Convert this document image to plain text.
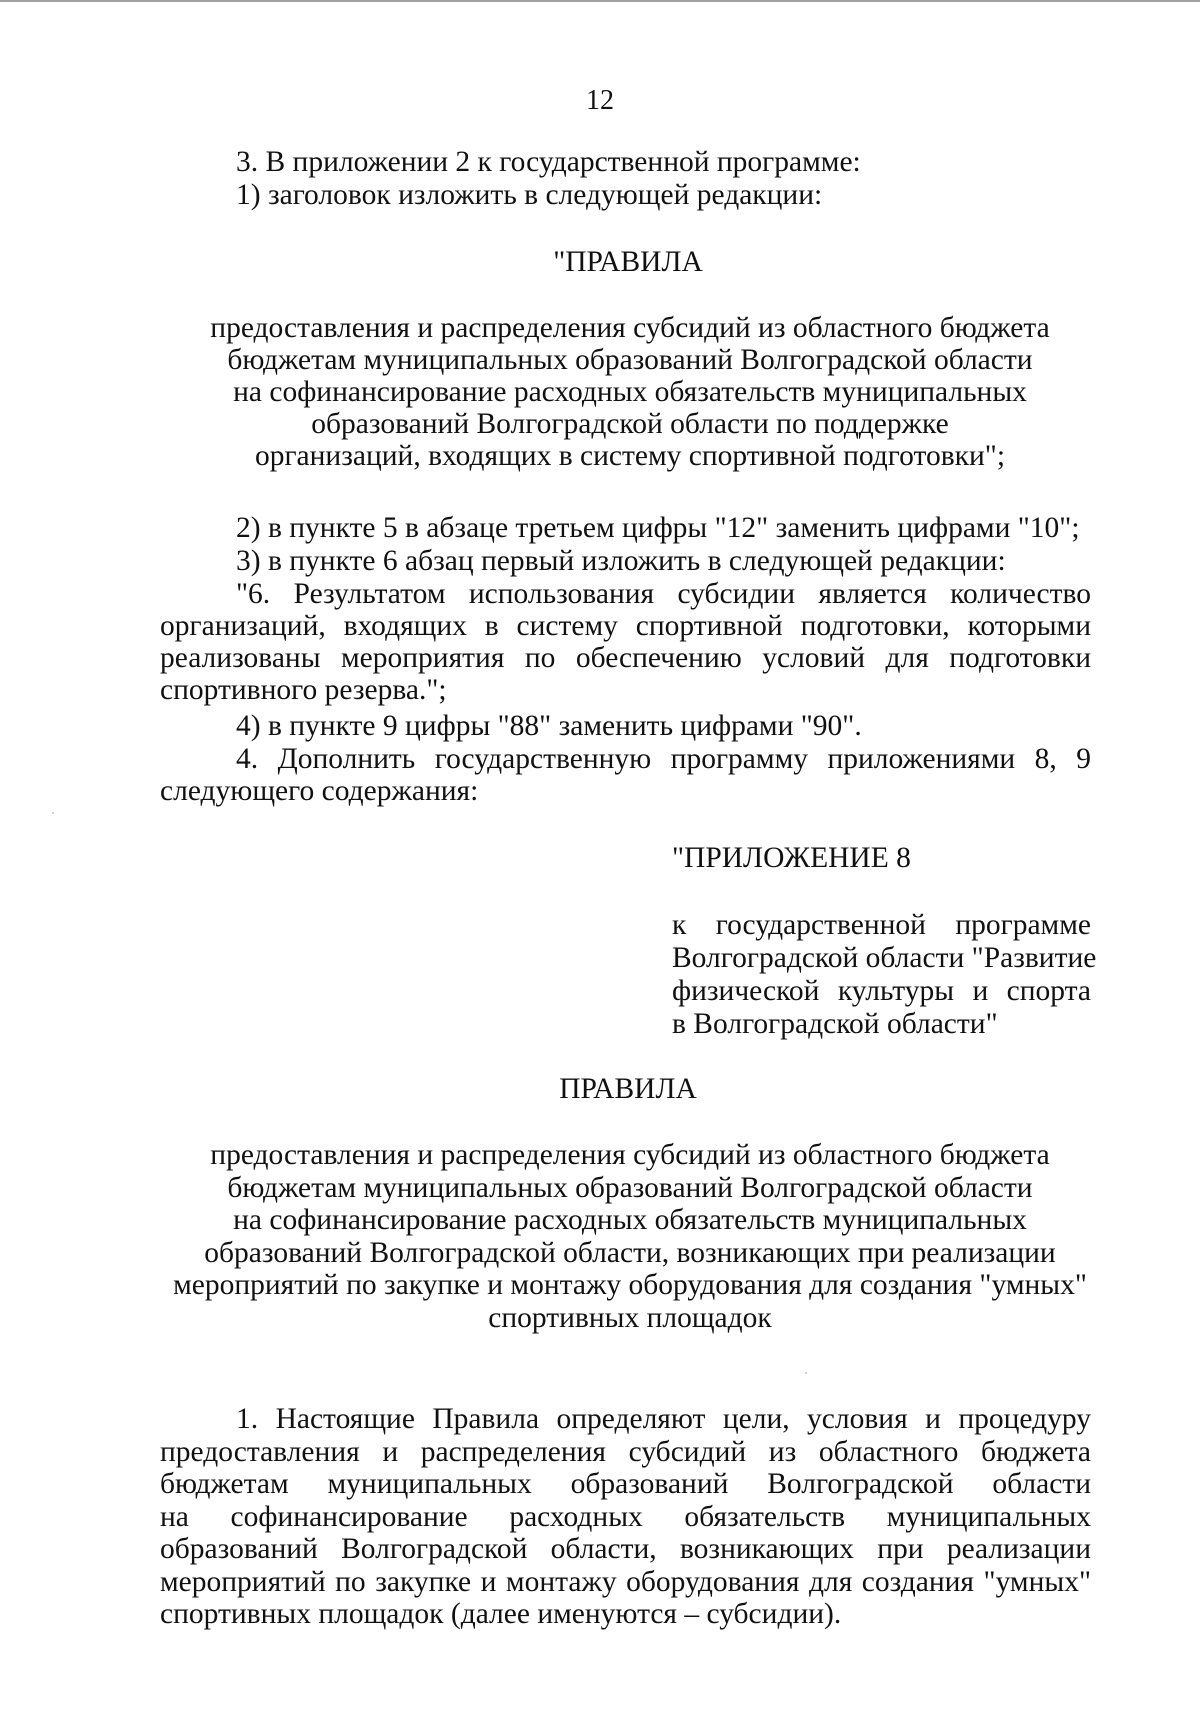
12
3. В приложении 2 к государственной программе:
1) заголовок изложить в следующей редакции:
"ПРАВИЛА
предоставления и распределения субсидий из областного бюджета
бюджетам муниципальных образований Волгоградской области
на софинансирование расходных обязательств муниципальных
образований Волгоградской области по поддержке
организаций, входящих в систему спортивной подготовки";
2) в пункте 5 в абзаце третьем цифры "12" заменить цифрами "10";
3) в пункте 6 абзац первый изложить в следующей редакции:
"6. Результатом использования субсидии является количество
организаций, входящих в систему спортивной подготовки, которыми
реализованы мероприятия по обеспечению условий для подготовки
спортивного резерва.";
4) в пункте 9 цифры "88" заменить цифрами "90".
4. Дополнить государственную программу приложениями 8, 9
следующего содержания:
"ПРИЛОЖЕНИЕ 8
к государственной программе
Волгоградской области "Развитие
физической культуры и спорта
в Волгоградской области"
ПРАВИЛА
предоставления и распределения субсидий из областного бюджета
бюджетам муниципальных образований Волгоградской области
на софинансирование расходных обязательств муниципальных
образований Волгоградской области, возникающих при реализации
мероприятий по закупке и монтажу оборудования для создания "умных"
спортивных площадок
1. Настоящие Правила определяют цели, условия и процедуру
предоставления и распределения субсидий из областного бюджета
бюджетам муниципальных образований Волгоградской области
на софинансирование расходных обязательств муниципальных
образований Волгоградской области, возникающих при реализации
мероприятий по закупке и монтажу оборудования для создания "умных"
спортивных площадок (далее именуются – субсидии).
